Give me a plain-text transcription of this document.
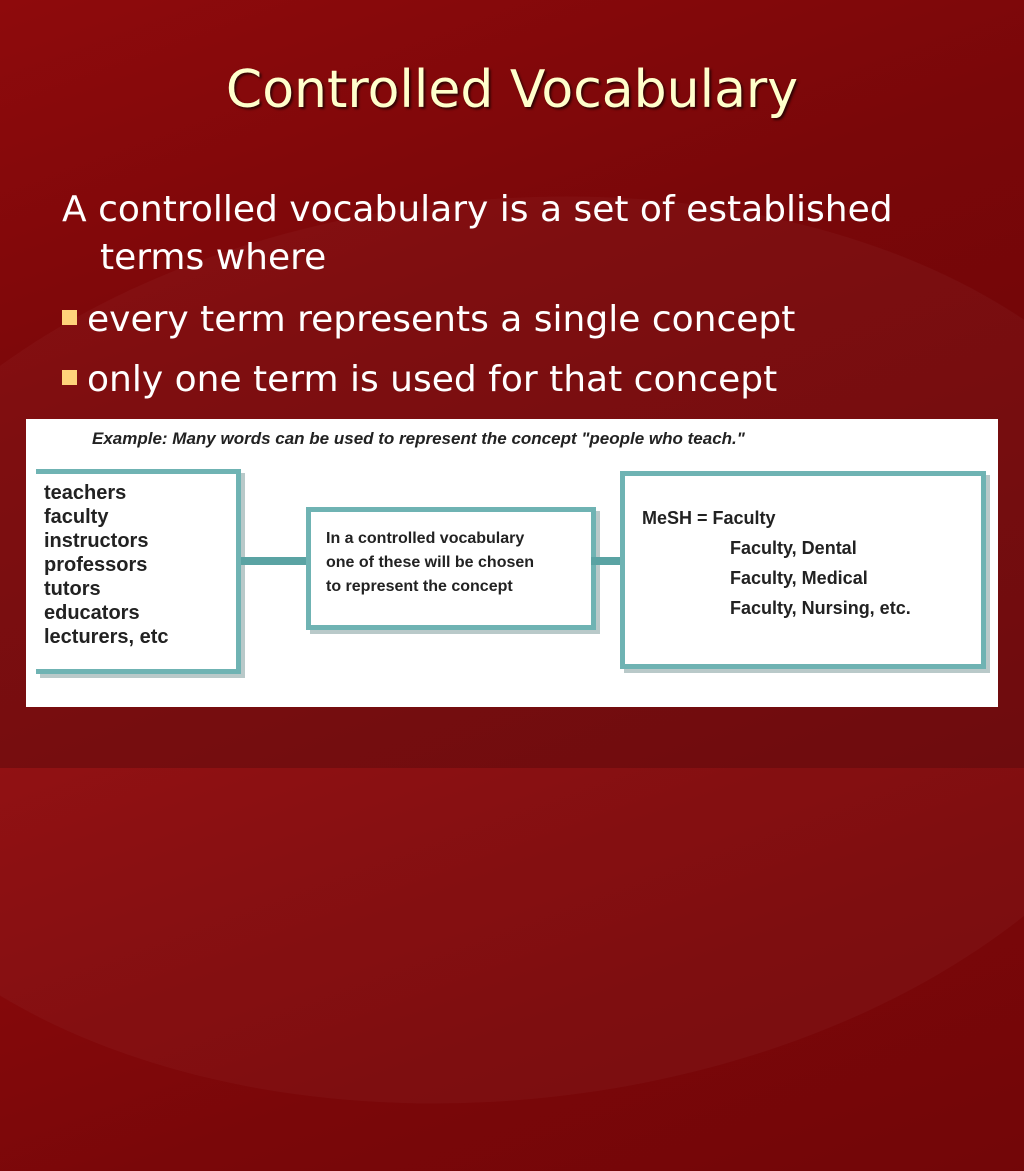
Controlled Vocabulary
A controlled vocabulary is a set of established terms where
every term represents a single concept
only one term is used for that concept
Example: Many words can be used to represent the concept "people who teach."
teachers
faculty
instructors
professors
tutors
educators
lecturers, etc
In a controlled vocabulary
one of these will be chosen
to represent the concept
MeSH = Faculty
Faculty, Dental
Faculty, Medical
Faculty, Nursing, etc.
